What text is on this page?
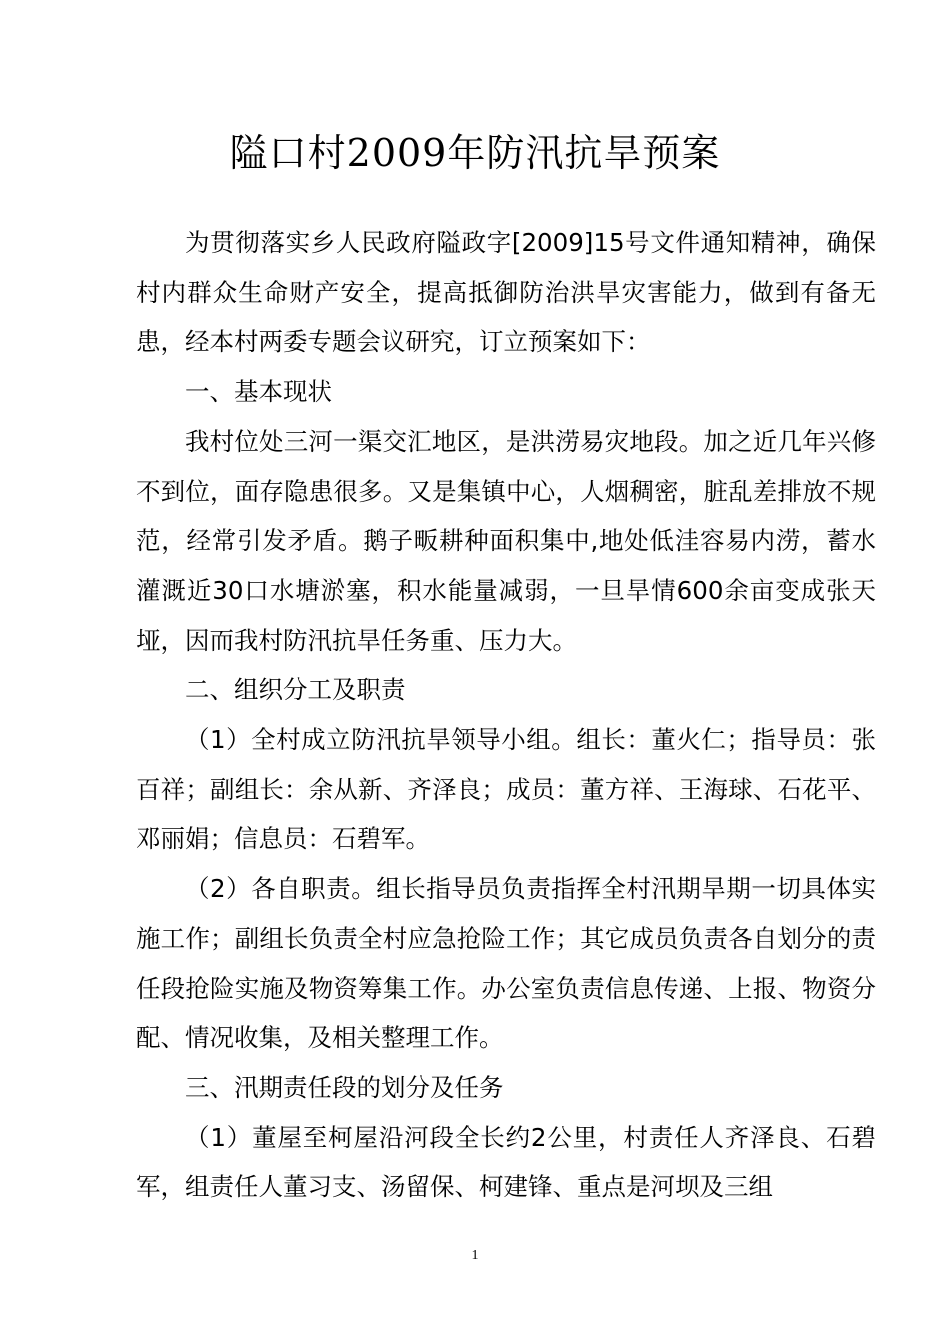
隘口村2009年防汛抗旱预案

为贯彻落实乡人民政府隘政字[2009]15号文件通知精神，确保村内群众生命财产安全，提高抵御防治洪旱灾害能力，做到有备无患，经本村两委专题会议研究，订立预案如下：

一、基本现状

我村位处三河一渠交汇地区，是洪涝易灾地段。加之近几年兴修不到位，面存隐患很多。又是集镇中心，人烟稠密，脏乱差排放不规范，经常引发矛盾。鹅子畈耕种面积集中,地处低洼容易内涝，蓄水灌溉近30口水塘淤塞，积水能量减弱，一旦旱情600余亩变成张天垭，因而我村防汛抗旱任务重、压力大。

二、组织分工及职责

（1）全村成立防汛抗旱领导小组。组长：董火仁；指导员：张百祥；副组长：余从新、齐泽良；成员：董方祥、王海球、石花平、邓丽娟；信息员：石碧军。

（2）各自职责。组长指导员负责指挥全村汛期旱期一切具体实施工作；副组长负责全村应急抢险工作；其它成员负责各自划分的责任段抢险实施及物资筹集工作。办公室负责信息传递、上报、物资分配、情况收集，及相关整理工作。

三、汛期责任段的划分及任务

（1）董屋至柯屋沿河段全长约2公里，村责任人齐泽良、石碧军，组责任人董习支、汤留保、柯建锋、重点是河坝及三组

1
